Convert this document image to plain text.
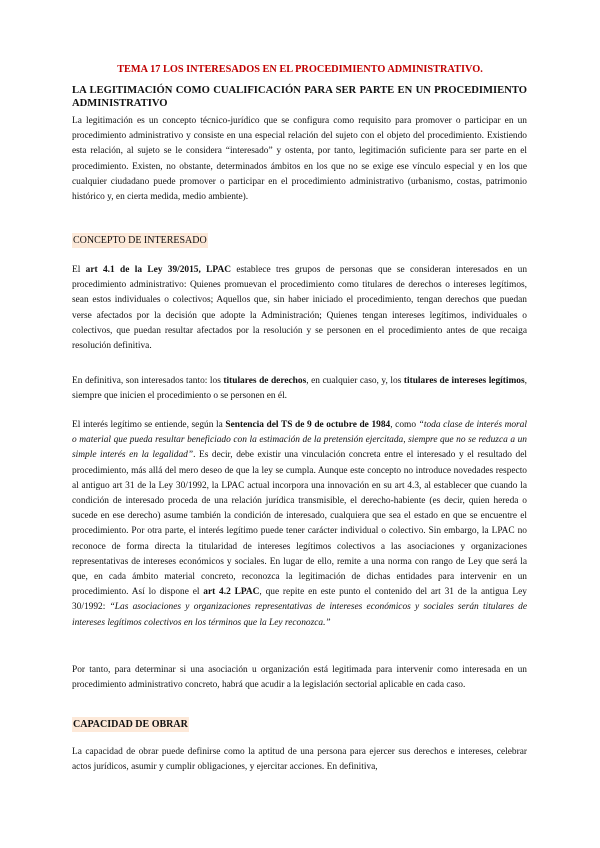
TEMA 17 LOS INTERESADOS EN EL PROCEDIMIENTO ADMINISTRATIVO.
LA LEGITIMACIÓN COMO CUALIFICACIÓN PARA SER PARTE EN UN PROCEDIMIENTO ADMINISTRATIVO

La legitimación es un concepto técnico-jurídico que se configura como requisito para promover o participar en un procedimiento administrativo y consiste en una especial relación del sujeto con el objeto del procedimiento. Existiendo esta relación, al sujeto se le considera “interesado” y ostenta, por tanto, legitimación suficiente para ser parte en el procedimiento. Existen, no obstante, determinados ámbitos en los que no se exige ese vínculo especial y en los que cualquier ciudadano puede promover o participar en el procedimiento administrativo (urbanismo, costas, patrimonio histórico y, en cierta medida, medio ambiente).

CONCEPTO DE INTERESADO

El art 4.1 de la Ley 39/2015, LPAC establece tres grupos de personas que se consideran interesados en un procedimiento administrativo: Quienes promuevan el procedimiento como titulares de derechos o intereses legítimos, sean estos individuales o colectivos; Aquellos que, sin haber iniciado el procedimiento, tengan derechos que puedan verse afectados por la decisión que adopte la Administración; Quienes tengan intereses legítimos, individuales o colectivos, que puedan resultar afectados por la resolución y se personen en el procedimiento antes de que recaiga resolución definitiva.

En definitiva, son interesados tanto: los titulares de derechos, en cualquier caso, y, los titulares de intereses legítimos, siempre que inicien el procedimiento o se personen en él.

El interés legítimo se entiende, según la Sentencia del TS de 9 de octubre de 1984, como “toda clase de interés moral o material que pueda resultar beneficiado con la estimación de la pretensión ejercitada, siempre que no se reduzca a un simple interés en la legalidad”. Es decir, debe existir una vinculación concreta entre el interesado y el resultado del procedimiento, más allá del mero deseo de que la ley se cumpla. Aunque este concepto no introduce novedades respecto al antiguo art 31 de la Ley 30/1992, la LPAC actual incorpora una innovación en su art 4.3, al establecer que cuando la condición de interesado proceda de una relación jurídica transmisible, el derecho-habiente (es decir, quien hereda o sucede en ese derecho) asume también la condición de interesado, cualquiera que sea el estado en que se encuentre el procedimiento. Por otra parte, el interés legítimo puede tener carácter individual o colectivo. Sin embargo, la LPAC no reconoce de forma directa la titularidad de intereses legítimos colectivos a las asociaciones y organizaciones representativas de intereses económicos y sociales. En lugar de ello, remite a una norma con rango de Ley que será la que, en cada ámbito material concreto, reconozca la legitimación de dichas entidades para intervenir en un procedimiento. Así lo dispone el art 4.2 LPAC, que repite en este punto el contenido del art 31 de la antigua Ley 30/1992: “Las asociaciones y organizaciones representativas de intereses económicos y sociales serán titulares de intereses legítimos colectivos en los términos que la Ley reconozca.”

Por tanto, para determinar si una asociación u organización está legitimada para intervenir como interesada en un procedimiento administrativo concreto, habrá que acudir a la legislación sectorial aplicable en cada caso.

CAPACIDAD DE OBRAR

La capacidad de obrar puede definirse como la aptitud de una persona para ejercer sus derechos e intereses, celebrar actos jurídicos, asumir y cumplir obligaciones, y ejercitar acciones. En definitiva,
